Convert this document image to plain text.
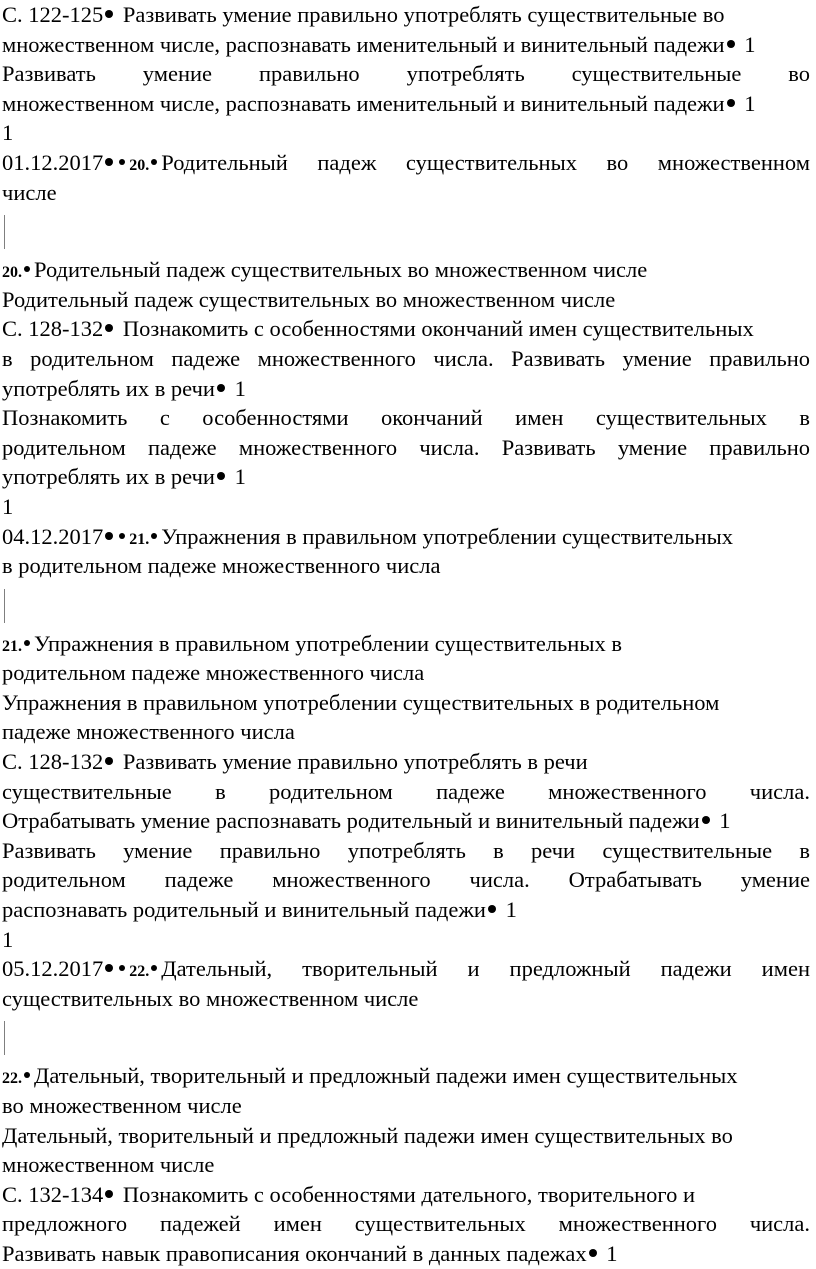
С. 122-125 Развивать умение правильно употреблять существительные во
множественном числе, распознавать именительный и винительный падежи 1
Развивать умение правильно употреблять существительные во
множественном числе, распознавать именительный и винительный падежи 1
1
01.12.2017 20. Родительный падеж существительных во множественном
числе
20. Родительный падеж существительных во множественном числе
Родительный падеж существительных во множественном числе
С. 128-132 Познакомить с особенностями окончаний имен существительных
в родительном падеже множественного числа. Развивать умение правильно
употреблять их в речи 1
Познакомить с особенностями окончаний имен существительных в
родительном падеже множественного числа. Развивать умение правильно
употреблять их в речи 1
1
04.12.2017 21. Упражнения в правильном употреблении существительных
в родительном падеже множественного числа
21. Упражнения в правильном употреблении существительных в
родительном падеже множественного числа
Упражнения в правильном употреблении существительных в родительном
падеже множественного числа
С. 128-132 Развивать умение правильно употреблять в речи
существительные в родительном падеже множественного числа.
Отрабатывать умение распознавать родительный и винительный падежи 1
Развивать умение правильно употреблять в речи существительные в
родительном падеже множественного числа. Отрабатывать умение
распознавать родительный и винительный падежи 1
1
05.12.2017 22. Дательный, творительный и предложный падежи имен
существительных во множественном числе
22. Дательный, творительный и предложный падежи имен существительных
во множественном числе
Дательный, творительный и предложный падежи имен существительных во
множественном числе
С. 132-134 Познакомить с особенностями дательного, творительного и
предложного падежей имен существительных множественного числа.
Развивать навык правописания окончаний в данных падежах 1
